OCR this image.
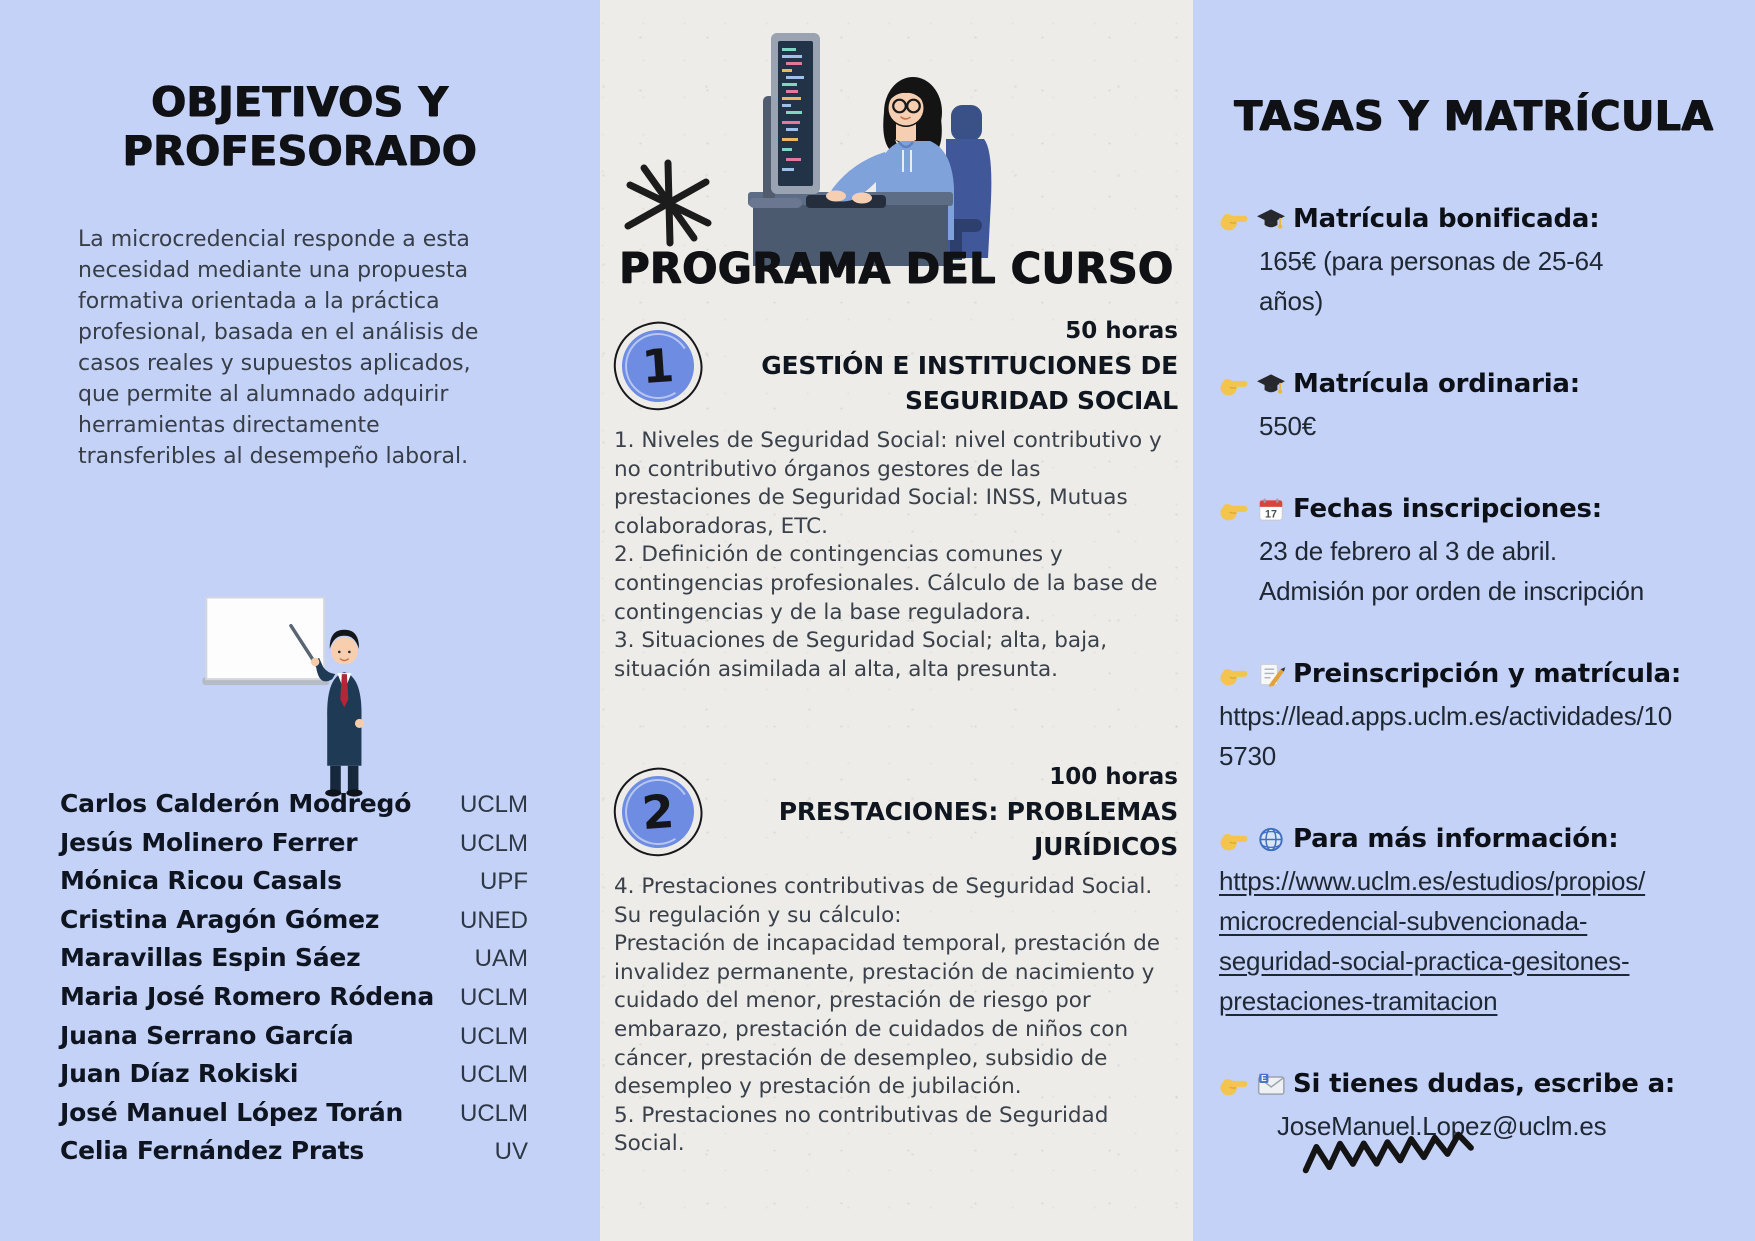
OBJETIVOS Y PROFESORADO

La microcredencial responde a esta necesidad mediante una propuesta formativa orientada a la práctica profesional, basada en el análisis de casos reales y supuestos aplicados, que permite al alumnado adquirir herramientas directamente transferibles al desempeño laboral.

Carlos Calderón Modregó UCLM
Jesús Molinero Ferrer	UCLM
Mónica Ricou Casals	UPF
Cristina Aragón Gómez	UNED
Maravillas Espin Sáez	UAM
Maria José Romero Ródena UCLM
Juana Serrano García	UCLM
Juan Díaz Rokiski	UCLM
José Manuel López Torán UCLM
Celia Fernández Prats	UV
PROGRAMA DEL CURSO
1
50 horas
GESTIÓN E INSTITUCIONES DE SEGURIDAD SOCIAL

1. Niveles de Seguridad Social: nivel contributivo y no contributivo órganos gestores de las prestaciones de Seguridad Social: INSS, Mutuas colaboradoras, ETC.

2. Definición de contingencias comunes y contingencias profesionales. Cálculo de la base de contingencias y de la base reguladora.

3. Situaciones de Seguridad Social; alta, baja, situación asimilada al alta, alta presunta.

2
100 horas
PRESTACIONES: PROBLEMAS JURÍDICOS

4. Prestaciones contributivas de Seguridad Social. Su regulación y su cálculo:

Prestación de incapacidad temporal, prestación de invalidez permanente, prestación de nacimiento y cuidado del menor, prestación de riesgo por embarazo, prestación de cuidados de niños con cáncer, prestación de desempleo, subsidio de desempleo y prestación de jubilación.

5. Prestaciones no contributivas de Seguridad Social.

TASAS Y MATRÍCULA
Matrícula bonificada:
165€ (para personas de 25-64
años)
Matrícula ordinaria:
550€
Fechas inscripciones:
23 de febrero al 3 de abril.
Admisión por orden de inscripción
Preinscripción y matrícula:
https://lead.apps.uclm.es/actividades/10
5730
Para más información:
https://www.uclm.es/estudios/propios/
microcredencial-subvencionada-
seguridad-social-practica-gesitones-
prestaciones-tramitacion
Si tienes dudas, escribe a:
JoseManuel.Lopez@uclm.es
